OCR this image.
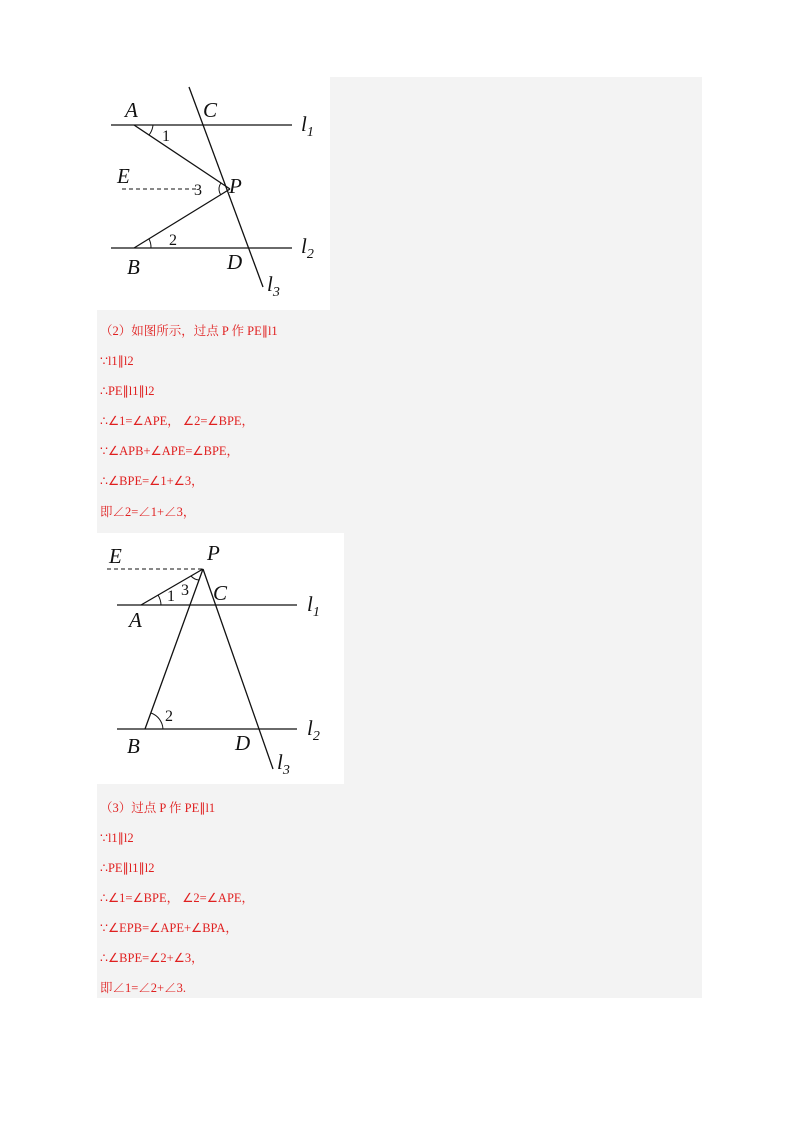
A	C
E	P
B	D
1
2
3
$l_1$
$l_2$
$l_3$
（2）如图所示，过点 P 作 PE∥l1
∵l1∥l2
∴PE∥l1∥l2
∴∠1=∠APE， ∠2=∠BPE，
∵∠APB+∠APE=∠BPE，
∴∠BPE=∠1+∠3，
即∠2=∠1+∠3，
E	P
C
A
B	D
1
2
3
$l_1$
$l_2$
$l_3$
（3）过点 P 作 PE∥l1
∵l1∥l2
∴PE∥l1∥l2
∴∠1=∠BPE， ∠2=∠APE，
∵∠EPB=∠APE+∠BPA，
∴∠BPE=∠2+∠3，
即∠1=∠2+∠3.
